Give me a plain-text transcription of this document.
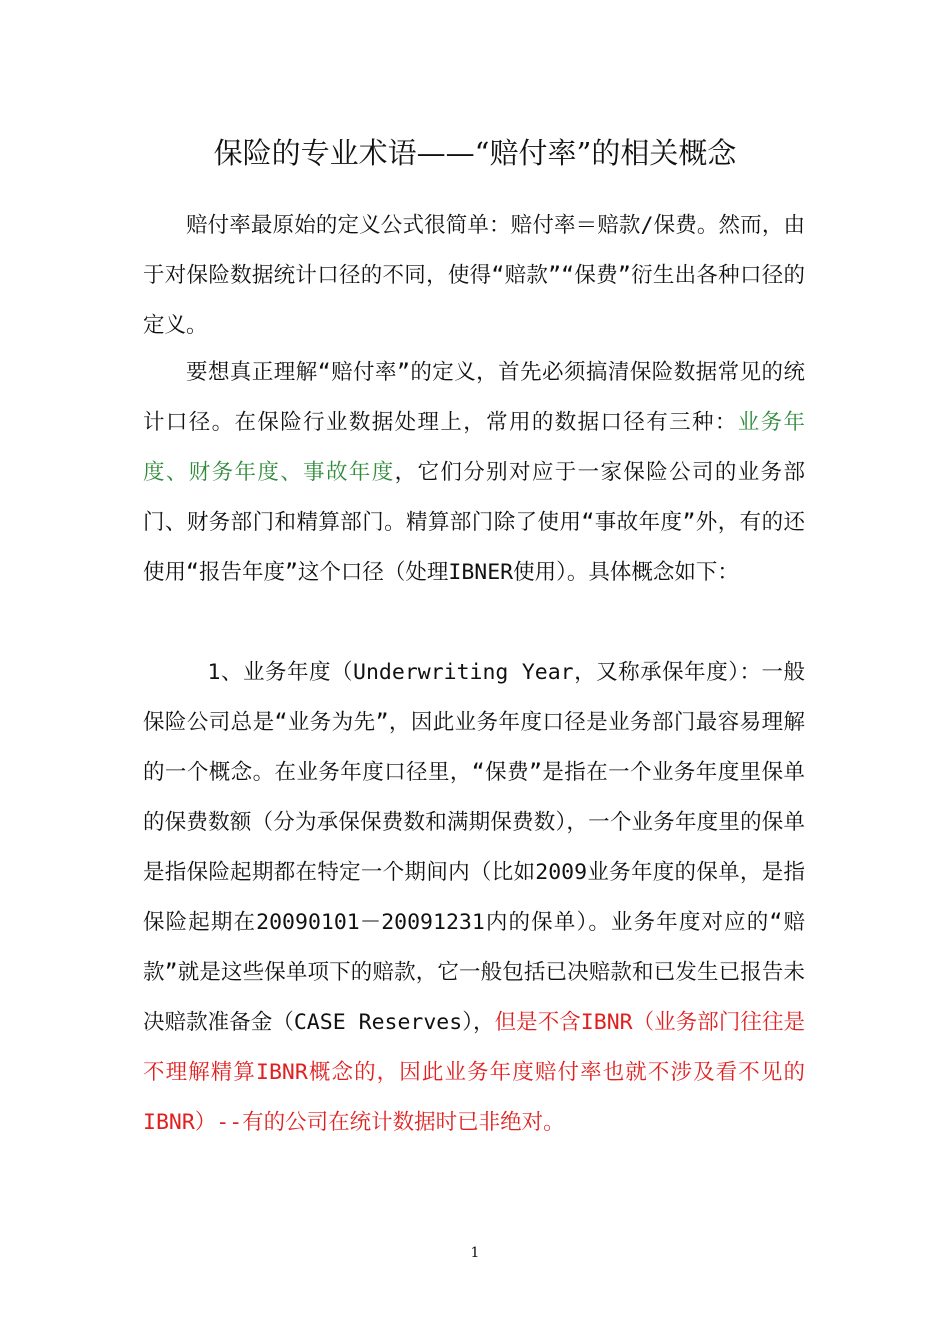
保险的专业术语——“赔付率”的相关概念

赔付率最原始的定义公式很简单：赔付率＝赔款/保费。然而，由于对保险数据统计口径的不同，使得“赔款”“保费”衍生出各种口径的定义。

要想真正理解“赔付率”的定义，首先必须搞清保险数据常见的统计口径。在保险行业数据处理上，常用的数据口径有三种：业务年度、财务年度、事故年度，它们分别对应于一家保险公司的业务部门、财务部门和精算部门。精算部门除了使用“事故年度”外，有的还使用“报告年度”这个口径（处理IBNER使用）。具体概念如下：

1、业务年度（Underwriting Year，又称承保年度）：一般保险公司总是“业务为先”，因此业务年度口径是业务部门最容易理解的一个概念。在业务年度口径里，“保费”是指在一个业务年度里保单的保费数额（分为承保保费数和满期保费数），一个业务年度里的保单是指保险起期都在特定一个期间内（比如2009业务年度的保单，是指保险起期在20090101－20091231内的保单）。业务年度对应的“赔款”就是这些保单项下的赔款，它一般包括已决赔款和已发生已报告未决赔款准备金（CASE Reserves），但是不含IBNR（业务部门往往是不理解精算IBNR概念的，因此业务年度赔付率也就不涉及看不见的IBNR）--有的公司在统计数据时已非绝对。

1
